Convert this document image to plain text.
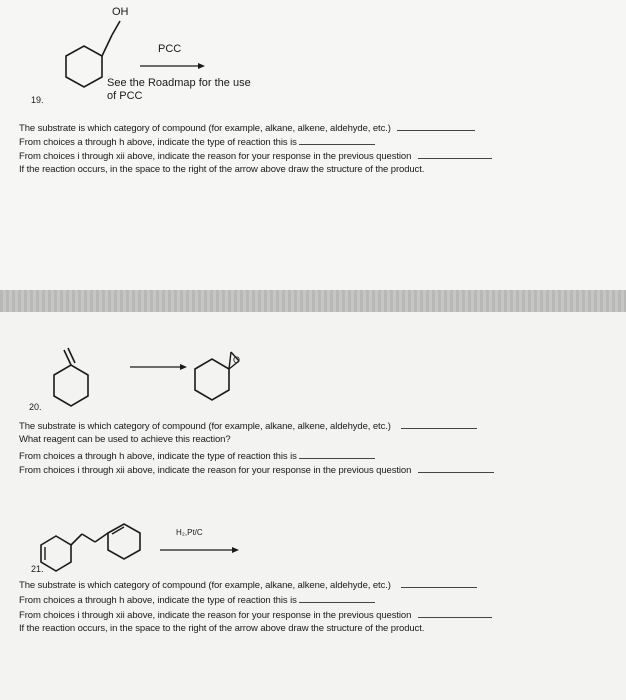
OH
PCC
See the Roadmap for the use
of PCC
19.
The substrate is which category of compound (for example, alkane, alkene, aldehyde, etc.)
From choices a through h above, indicate the type of reaction this is
From choices i through xii above, indicate the reason for your response in the previous question
If the reaction occurs, in the space to the right of the arrow above draw the structure of the product.
O
20.
The substrate is which category of compound (for example, alkane, alkene, aldehyde, etc.)
What reagent can be used to achieve this reaction?
From choices a through h above, indicate the type of reaction this is
From choices i through xii above, indicate the reason for your response in the previous question
H₂,Pt/C
21.
The substrate is which category of compound (for example, alkane, alkene, aldehyde, etc.)
From choices a through h above, indicate the type of reaction this is
From choices i through xii above, indicate the reason for your response in the previous question
If the reaction occurs, in the space to the right of the arrow above draw the structure of the product.
